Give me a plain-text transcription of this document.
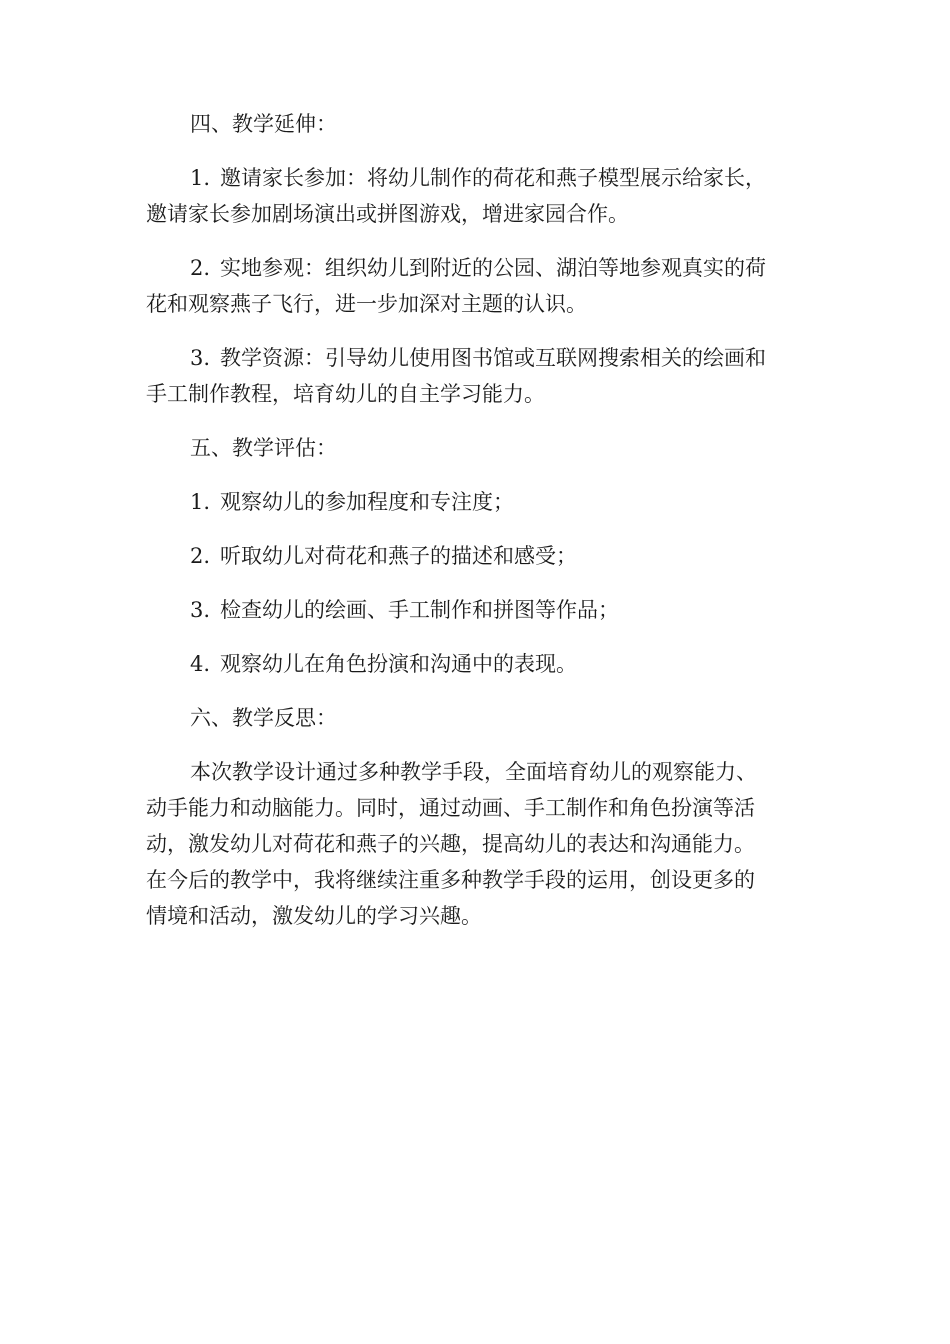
四、教学延伸：
1. 邀请家长参加：将幼儿制作的荷花和燕子模型展示给家长，
邀请家长参加剧场演出或拼图游戏，增进家园合作。
2. 实地参观：组织幼儿到附近的公园、湖泊等地参观真实的荷
花和观察燕子飞行，进一步加深对主题的认识。
3. 教学资源：引导幼儿使用图书馆或互联网搜索相关的绘画和
手工制作教程，培育幼儿的自主学习能力。
五、教学评估：
1. 观察幼儿的参加程度和专注度；
2. 听取幼儿对荷花和燕子的描述和感受；
3. 检查幼儿的绘画、手工制作和拼图等作品；
4. 观察幼儿在角色扮演和沟通中的表现。
六、教学反思：
本次教学设计通过多种教学手段，全面培育幼儿的观察能力、
动手能力和动脑能力。同时，通过动画、手工制作和角色扮演等活
动，激发幼儿对荷花和燕子的兴趣，提高幼儿的表达和沟通能力。
在今后的教学中，我将继续注重多种教学手段的运用，创设更多的
情境和活动，激发幼儿的学习兴趣。
